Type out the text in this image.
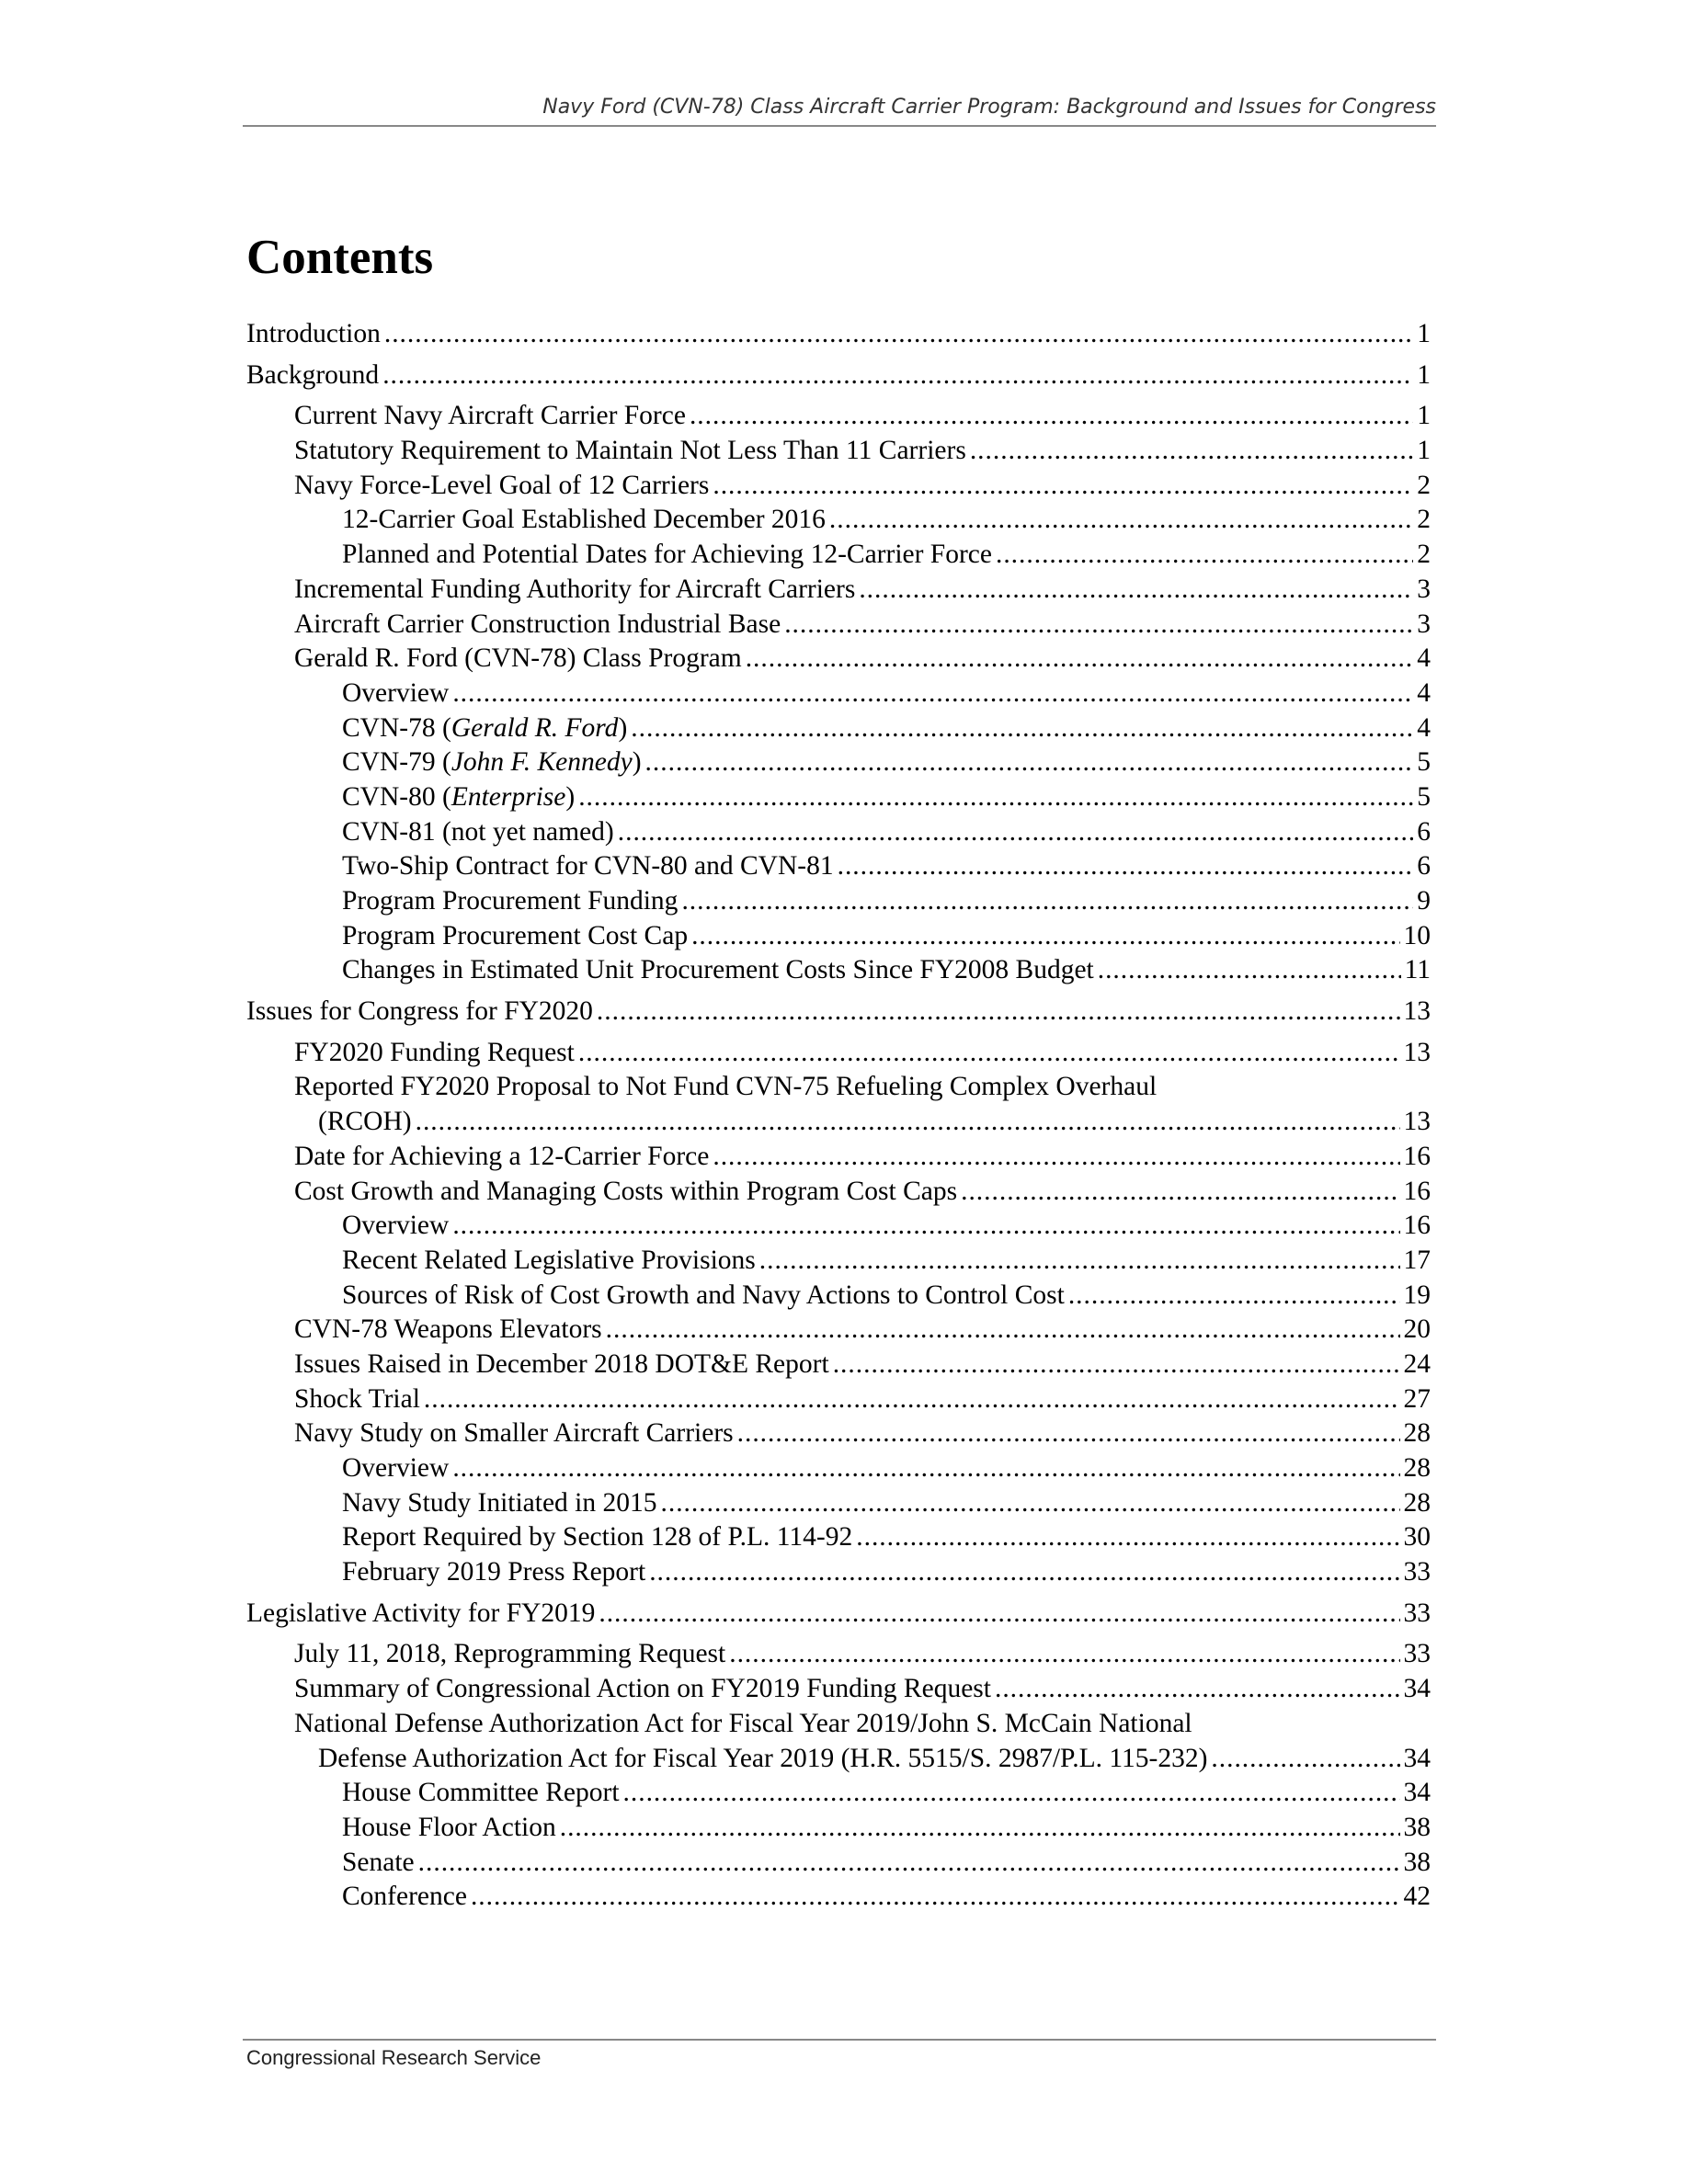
Navy Ford (CVN-78) Class Aircraft Carrier Program: Background and Issues for Congress
Contents
Introduction . . .	1
Background . . .	1
Current Navy Aircraft Carrier Force . . .	1
Statutory Requirement to Maintain Not Less Than 11 Carriers . . .	1
Navy Force-Level Goal of 12 Carriers . . .	2
12-Carrier Goal Established December 2016 . . .	2
Planned and Potential Dates for Achieving 12-Carrier Force . . .	2
Incremental Funding Authority for Aircraft Carriers . . .	3
Aircraft Carrier Construction Industrial Base . . .	3
Gerald R. Ford (CVN-78) Class Program . . .	4
Overview . . .	4
CVN-78 (Gerald R. Ford) . . .	4
CVN-79 (John F. Kennedy) . . .	5
CVN-80 (Enterprise) . . .	5
CVN-81 (not yet named) . . .	6
Two-Ship Contract for CVN-80 and CVN-81 . . .	6
Program Procurement Funding . . .	9
Program Procurement Cost Cap . . .	10
Changes in Estimated Unit Procurement Costs Since FY2008 Budget . . .	11
Issues for Congress for FY2020 . . .	13
FY2020 Funding Request . . .	13
Reported FY2020 Proposal to Not Fund CVN-75 Refueling Complex Overhaul
(RCOH) . . .	13
Date for Achieving a 12-Carrier Force . . .	16
Cost Growth and Managing Costs within Program Cost Caps . . .	16
Overview . . .	16
Recent Related Legislative Provisions . . .	17
Sources of Risk of Cost Growth and Navy Actions to Control Cost . . .	19
CVN-78 Weapons Elevators . . .	20
Issues Raised in December 2018 DOT&E Report . . .	24
Shock Trial . . .	27
Navy Study on Smaller Aircraft Carriers . . .	28
Overview . . .	28
Navy Study Initiated in 2015 . . .	28
Report Required by Section 128 of P.L. 114-92 . . .	30
February 2019 Press Report . . .	33
Legislative Activity for FY2019 . . .	33
July 11, 2018, Reprogramming Request . . .	33
Summary of Congressional Action on FY2019 Funding Request . . .	34
National Defense Authorization Act for Fiscal Year 2019/John S. McCain National
Defense Authorization Act for Fiscal Year 2019 (H.R. 5515/S. 2987/P.L. 115-232) . . .	34
House Committee Report . . .	34
House Floor Action . . .	38
Senate . . .	38
Conference . . .	42
Congressional Research Service
